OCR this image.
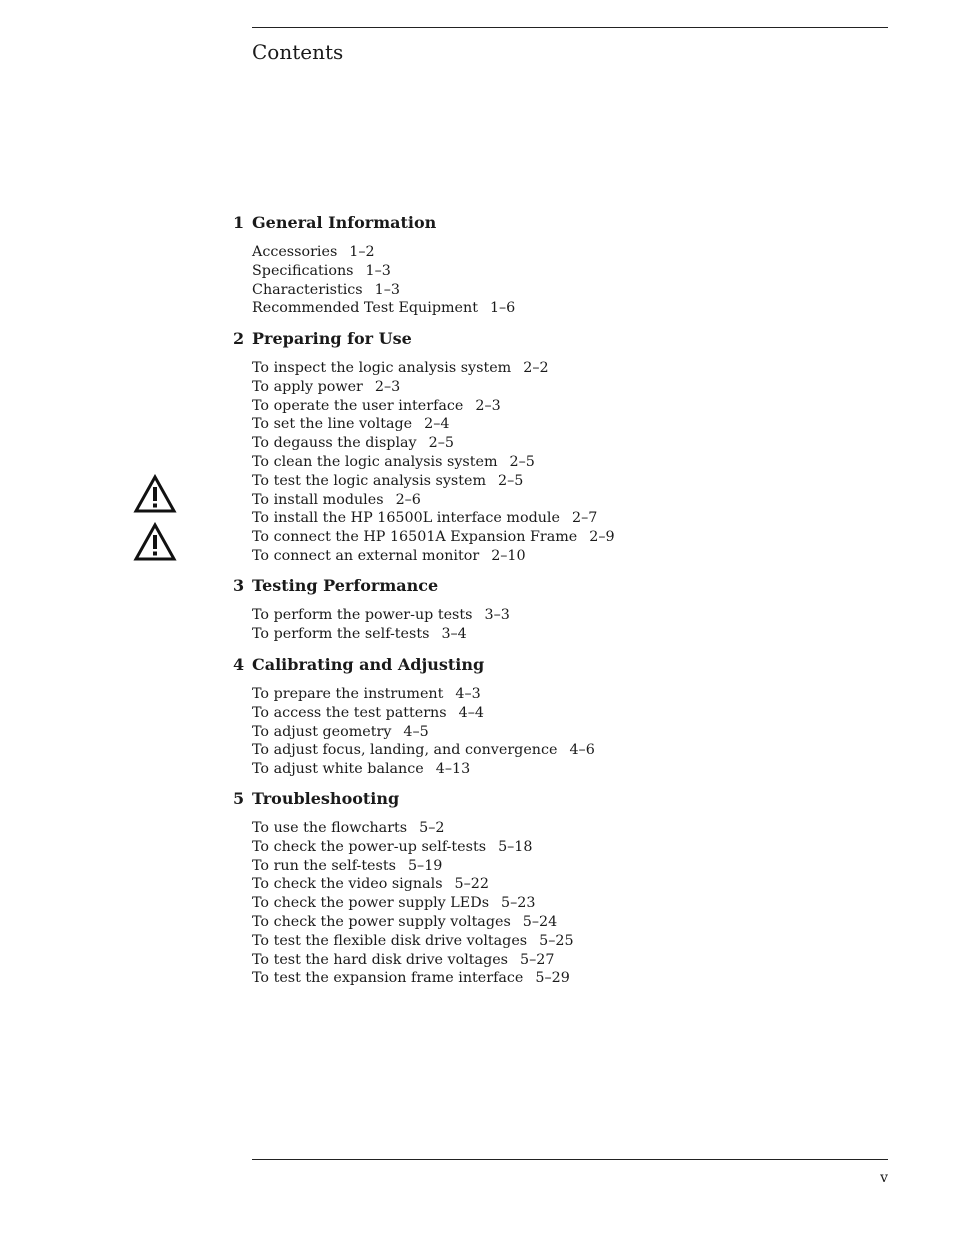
Contents
1 General Information
Accessories 1–2
Specifications 1–3
Characteristics 1–3
Recommended Test Equipment 1–6
2 Preparing for Use
To inspect the logic analysis system 2–2
To apply power 2–3
To operate the user interface 2–3
To set the line voltage 2–4
To degauss the display 2–5
To clean the logic analysis system 2–5
To test the logic analysis system 2–5
To install modules 2–6
To install the HP 16500L interface module 2–7
To connect the HP 16501A Expansion Frame 2–9
To connect an external monitor 2–10
3 Testing Performance
To perform the power-up tests 3–3
To perform the self-tests 3–4
4 Calibrating and Adjusting
To prepare the instrument 4–3
To access the test patterns 4–4
To adjust geometry 4–5
To adjust focus, landing, and convergence 4–6
To adjust white balance 4–13
5 Troubleshooting
To use the flowcharts 5–2
To check the power-up self-tests 5–18
To run the self-tests 5–19
To check the video signals 5–22
To check the power supply LEDs 5–23
To check the power supply voltages 5–24
To test the flexible disk drive voltages 5–25
To test the hard disk drive voltages 5–27
To test the expansion frame interface 5–29
v
